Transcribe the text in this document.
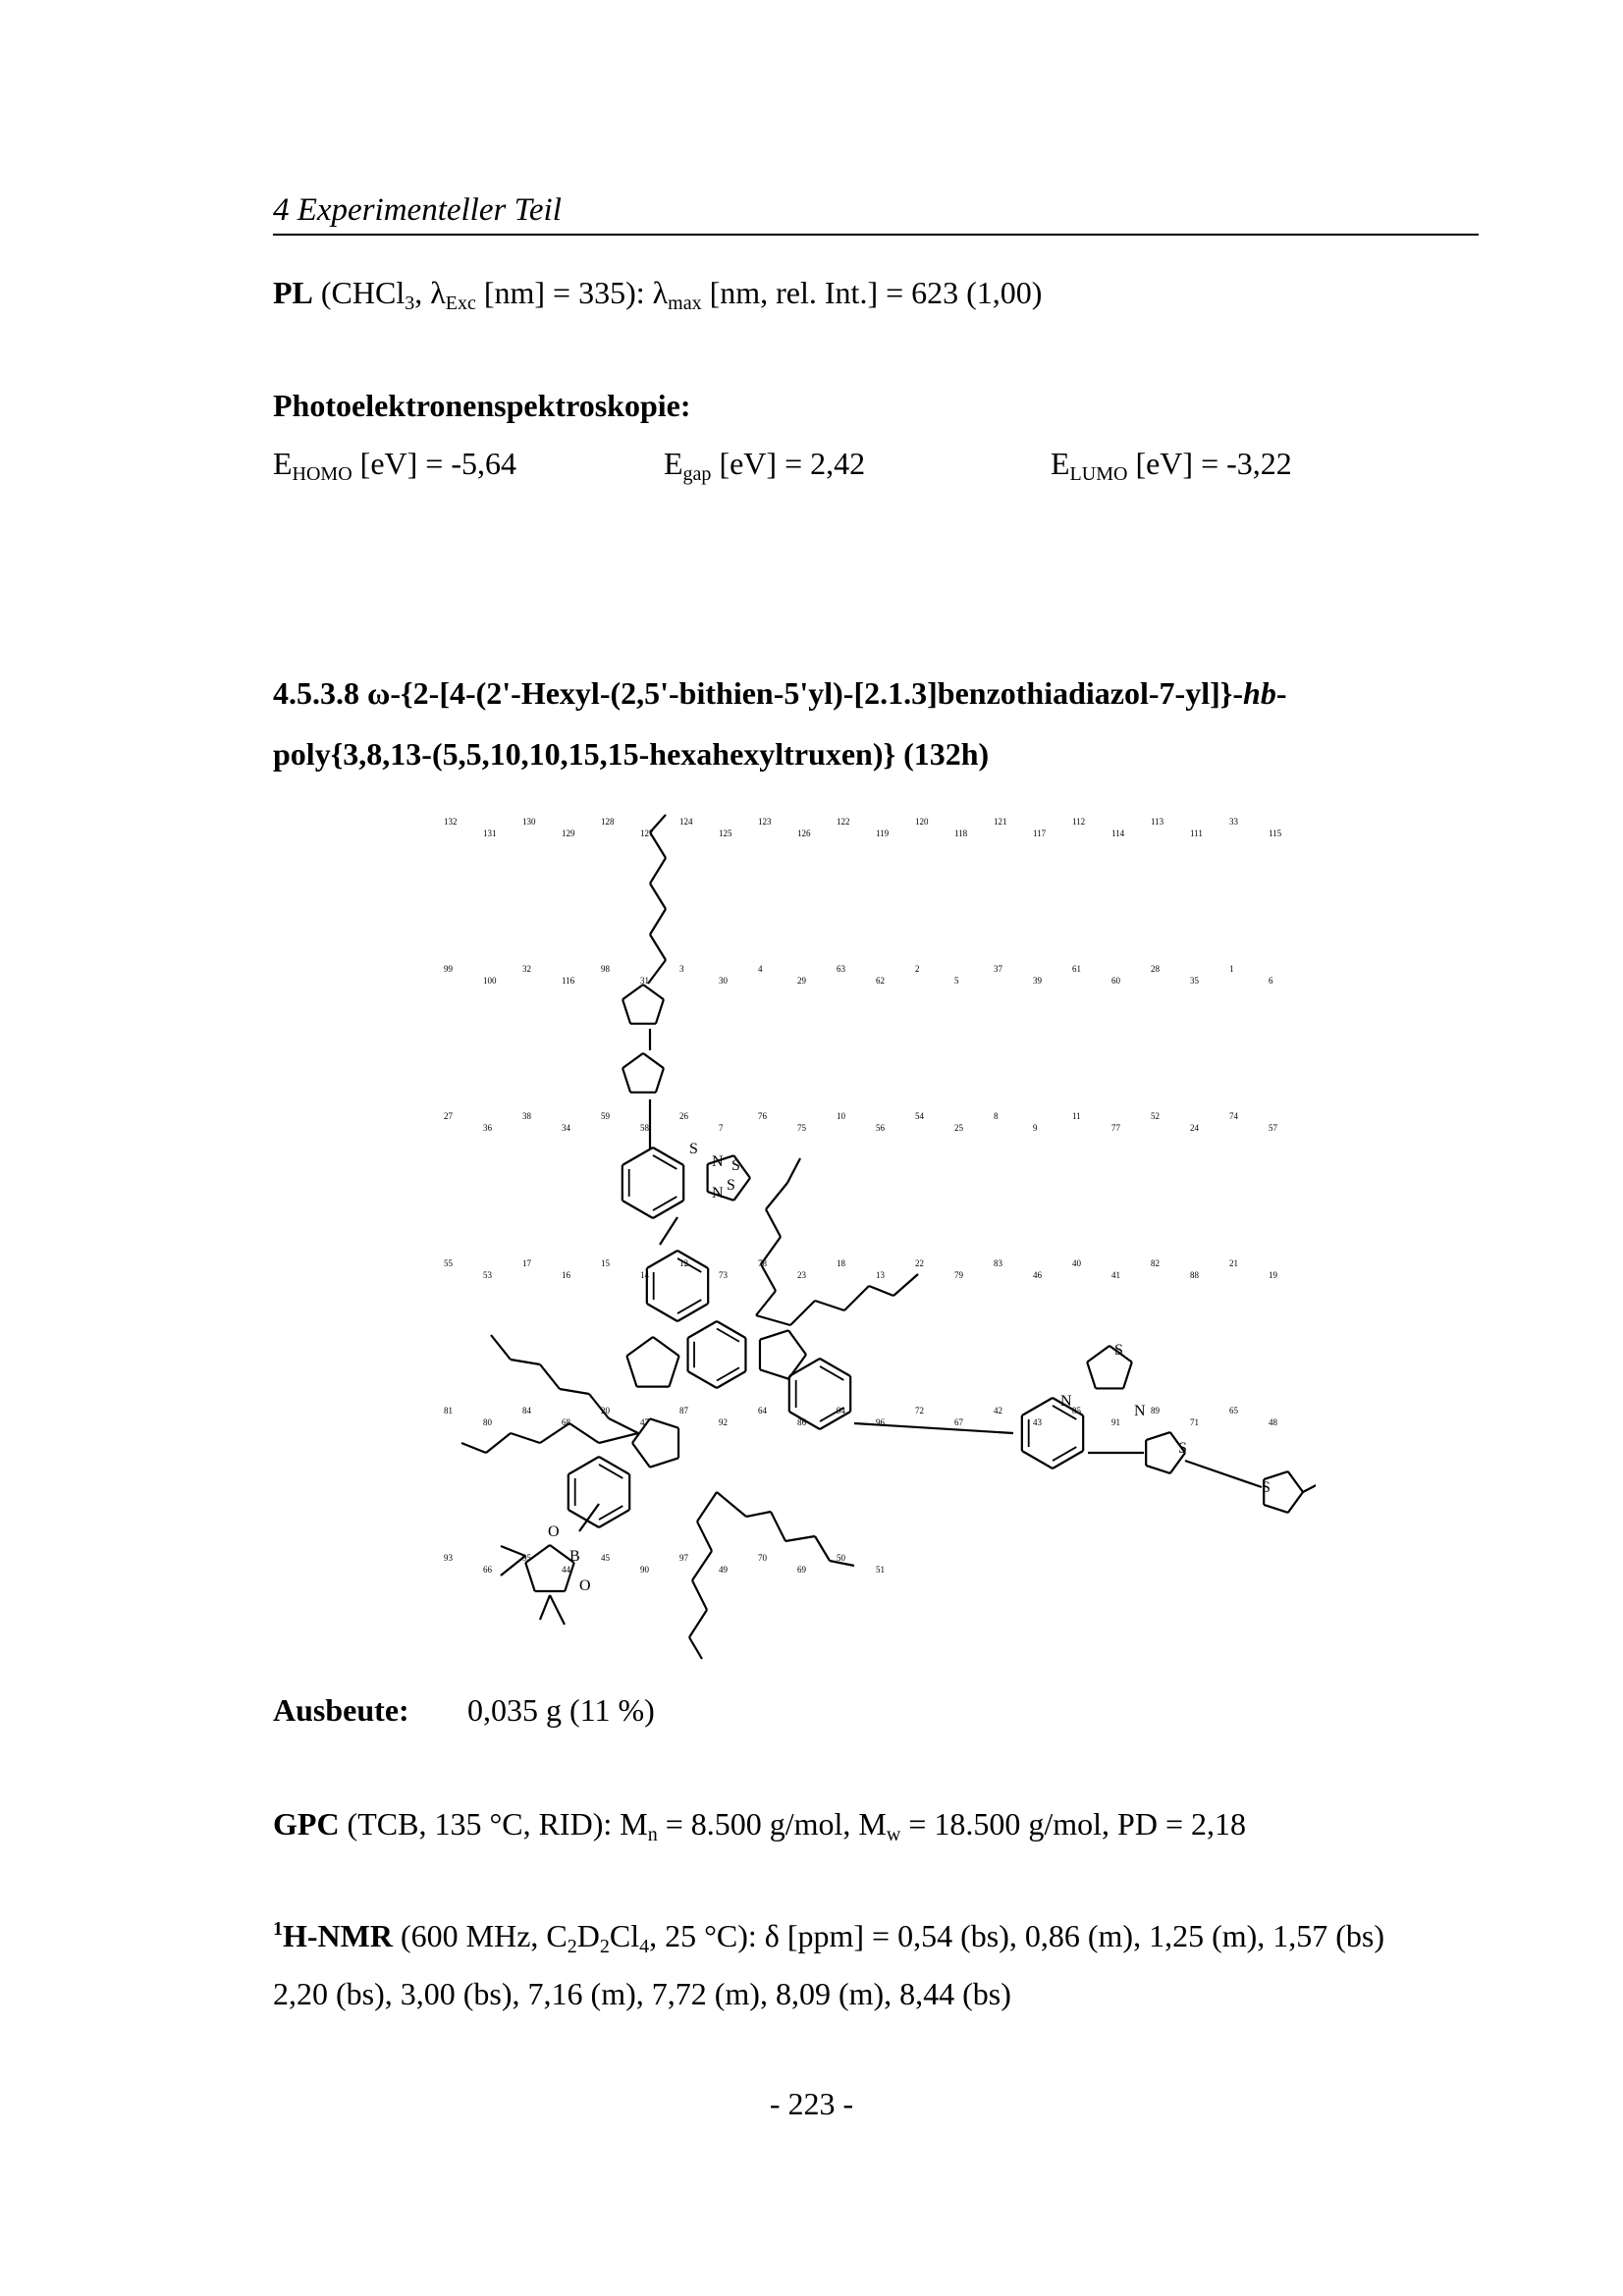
4 Experimenteller Teil
PL (CHCl$_3$, $\lambda_{Exc}$ [nm] = 335): $\lambda_{max}$ [nm, rel. Int.] = 623 (1,00)
Photoelektronenspektroskopie:
$E_{HOMO}$ [eV] = -5,64	$E_{gap}$ [eV] = 2,42	$E_{LUMO}$ [eV] = -3,22
4.5.3.8 ω-{2-[4-(2'-Hexyl-(2,5'-bithien-5'yl)-[2.1.3]benzothiadiazol-7-yl]}-hb-
poly{3,8,13-(5,5,10,10,15,15-hexahexyltruxen)} (132h)
S
S
N
S
N
N
S
N
S
S
O
B
O
132
131
130
129
128
127
124
125
123
126
122
119
120
118
121
117
112
114
113
111
33
115
99
100
32
116
98
31
3
30
4
29
63
62
2
5
37
39
61
60
28
35
1
6
27
36
38
34
59
58
26
7
76
75
10
56
54
25
8
9
11
77
52
24
74
57
55
53
17
16
15
14
12
73
78
23
18
13
22
79
83
46
40
41
82
88
21
19
81
80
84
68
20
47
87
92
64
86
94
96
72
67
42
43
85
91
89
71
65
48
93
66
95
44
45
90
97
49
70
69
50
51
Ausbeute: 0,035 g (11 %)
GPC (TCB, 135 °C, RID): $M_n = 8.500$ g/mol, $M_w = 18.500$ g/mol, PD = 2,18
$^1$H-NMR (600 MHz, $C_2D_2Cl_4$, 25 °C): δ [ppm] = 0,54 (bs), 0,86 (m), 1,25 (m), 1,57 (bs)
2,20 (bs), 3,00 (bs), 7,16 (m), 7,72 (m), 8,09 (m), 8,44 (bs)
- 223 -
